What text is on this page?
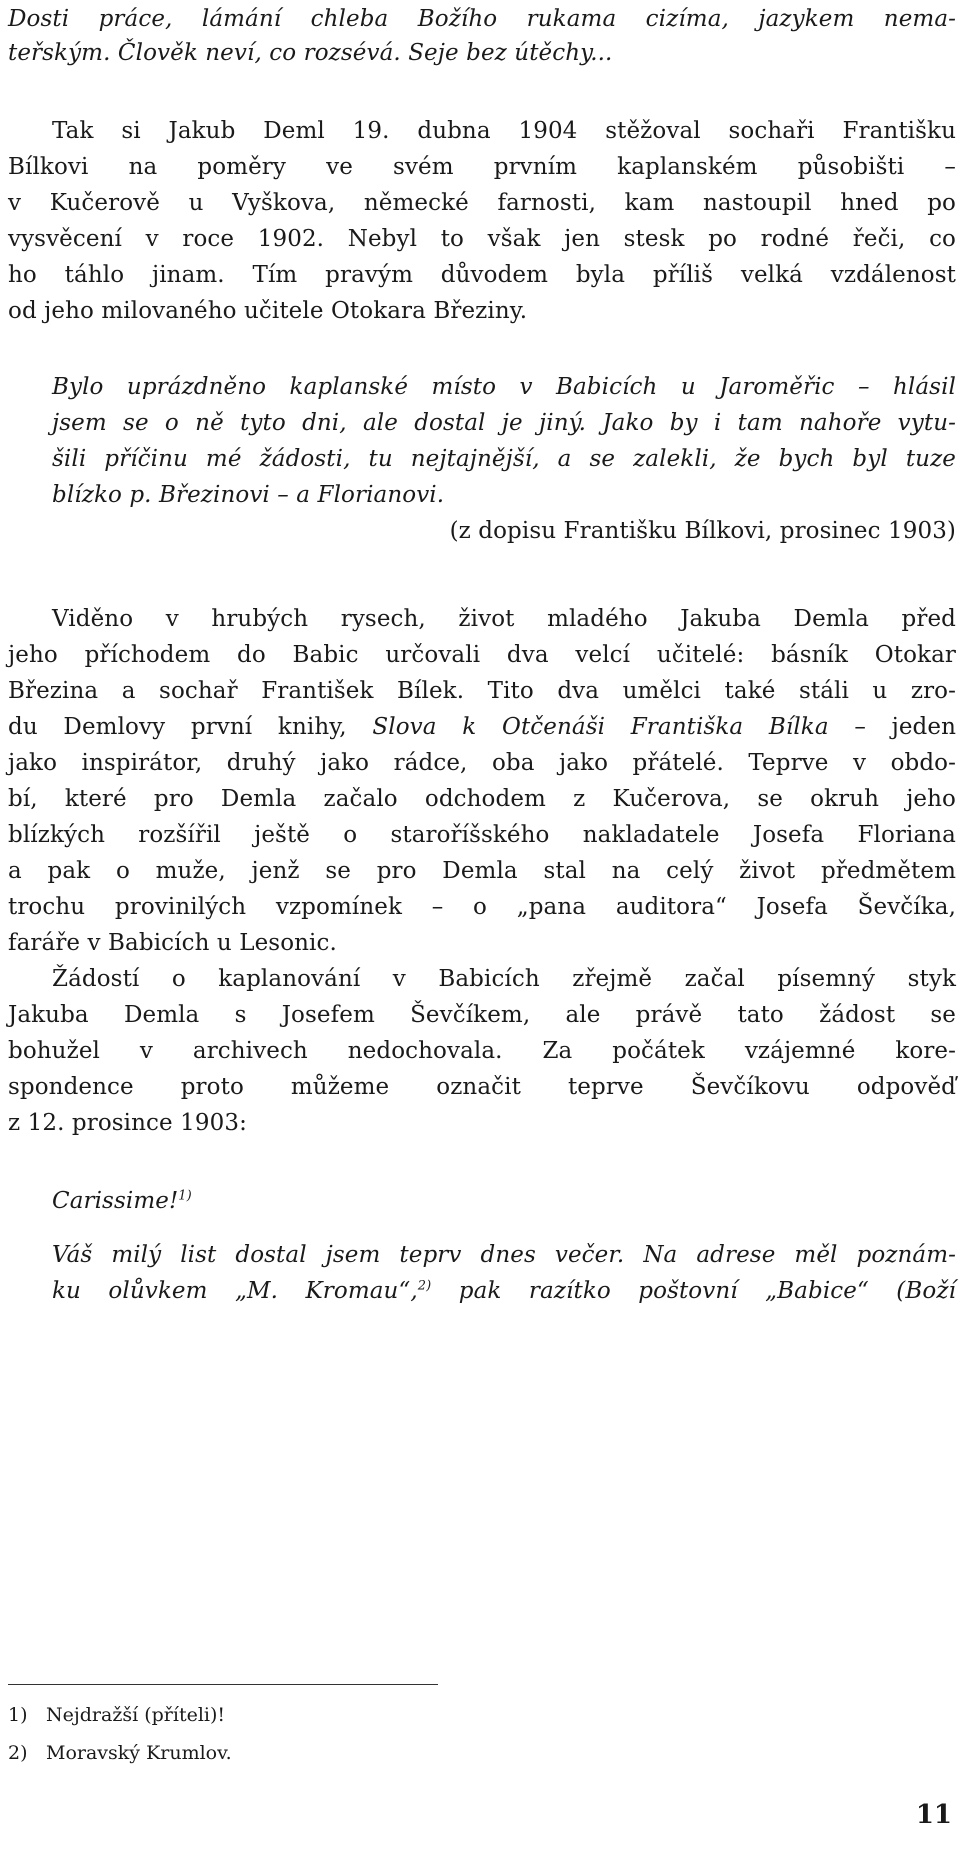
Dosti práce, lámání chleba Božího rukama cizíma, jazykem nema-
teřským. Člověk neví, co rozsévá. Seje bez útěchy...
Tak si Jakub Deml 19. dubna 1904 stěžoval sochaři Františku
Bílkovi na poměry ve svém prvním kaplanském působišti –
v Kučerově u Vyškova, německé farnosti, kam nastoupil hned po
vysvěcení v roce 1902. Nebyl to však jen stesk po rodné řeči, co
ho táhlo jinam. Tím pravým důvodem byla příliš velká vzdálenost
od jeho milovaného učitele Otokara Březiny.
Bylo uprázdněno kaplanské místo v Babicích u Jaroměřic – hlásil
jsem se o ně tyto dni, ale dostal je jiný. Jako by i tam nahoře vytu-
šili příčinu mé žádosti, tu nejtajnější, a se zalekli, že bych byl tuze
blízko p. Březinovi – a Florianovi.
(z dopisu Františku Bílkovi, prosinec 1903)
Viděno v hrubých rysech, život mladého Jakuba Demla před
jeho příchodem do Babic určovali dva velcí učitelé: básník Otokar
Březina a sochař František Bílek. Tito dva umělci také stáli u zro-
du Demlovy první knihy, Slova k Otčenáši Františka Bílka – jeden
jako inspirátor, druhý jako rádce, oba jako přátelé. Teprve v obdo-
bí, které pro Demla začalo odchodem z Kučerova, se okruh jeho
blízkých rozšířil ještě o staroříšského nakladatele Josefa Floriana
a pak o muže, jenž se pro Demla stal na celý život předmětem
trochu provinilých vzpomínek – o „pana auditora“ Josefa Ševčíka,
faráře v Babicích u Lesonic.
Žádostí o kaplanování v Babicích zřejmě začal písemný styk
Jakuba Demla s Josefem Ševčíkem, ale právě tato žádost se
bohužel v archivech nedochovala. Za počátek vzájemné kore-
spondence proto můžeme označit teprve Ševčíkovu odpověď
z 12. prosince 1903:
Carissime!$^{1)}$
Váš milý list dostal jsem teprv dnes večer. Na adrese měl poznám-
ku olůvkem „M. Kromau“,$^{2)}$ pak razítko poštovní „Babice“ (Boží
1) Nejdražší (příteli)!
2) Moravský Krumlov.
11
